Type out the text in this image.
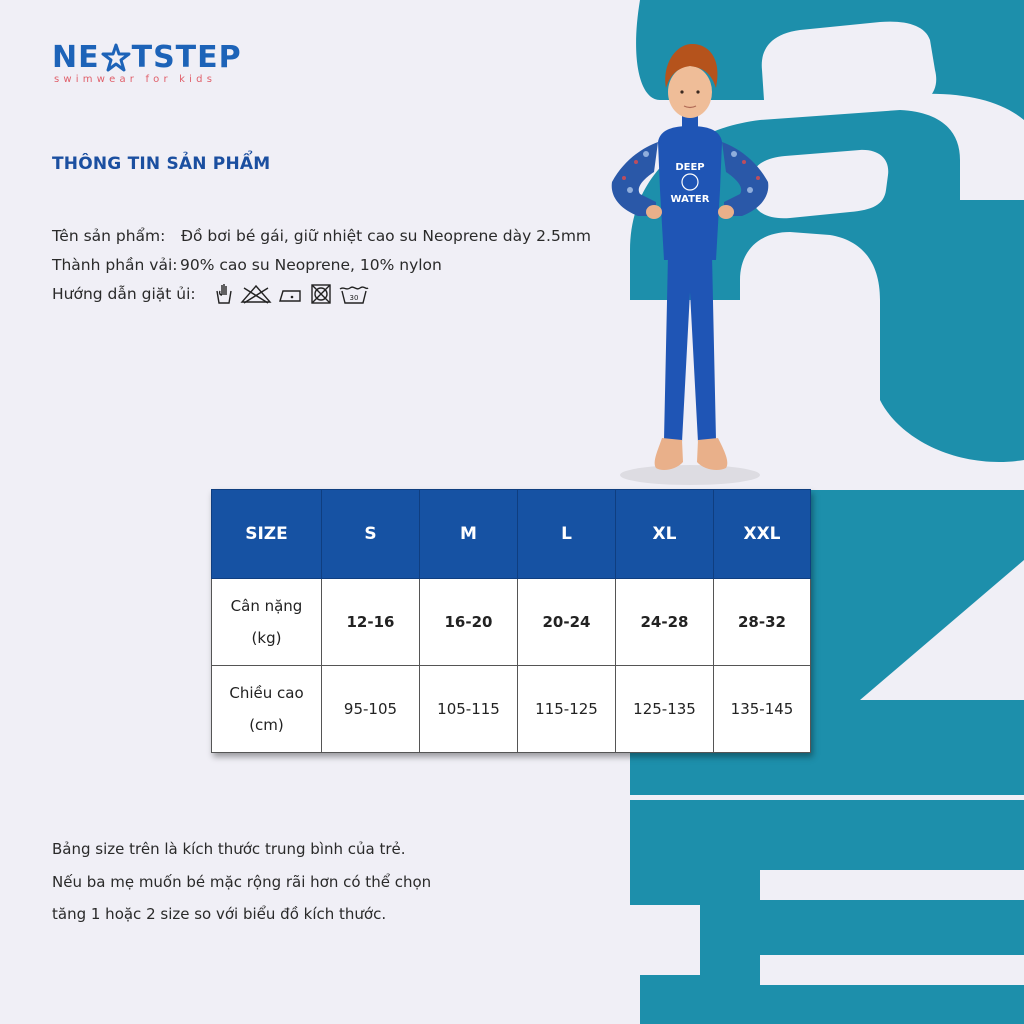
NE TSTEP
swimwear for kids
THÔNG TIN SẢN PHẨM
Tên sản phẩm:	Đồ bơi bé gái, giữ nhiệt cao su Neoprene dày 2.5mm
Thành phần vải: 90% cao su Neoprene, 10% nylon
Hướng dẫn giặt ủi:	30
DEEP
WATER
SIZE	S	M	L	XL	XXL
Cân nặng
(kg)	12-16	16-20	20-24	24-28	28-32
Chiều cao
(cm)	95-105	105-115	115-125	125-135	135-145
Bảng size trên là kích thước trung bình của trẻ.
Nếu ba mẹ muốn bé mặc rộng rãi hơn có thể chọn
tăng 1 hoặc 2 size so với biểu đồ kích thước.
